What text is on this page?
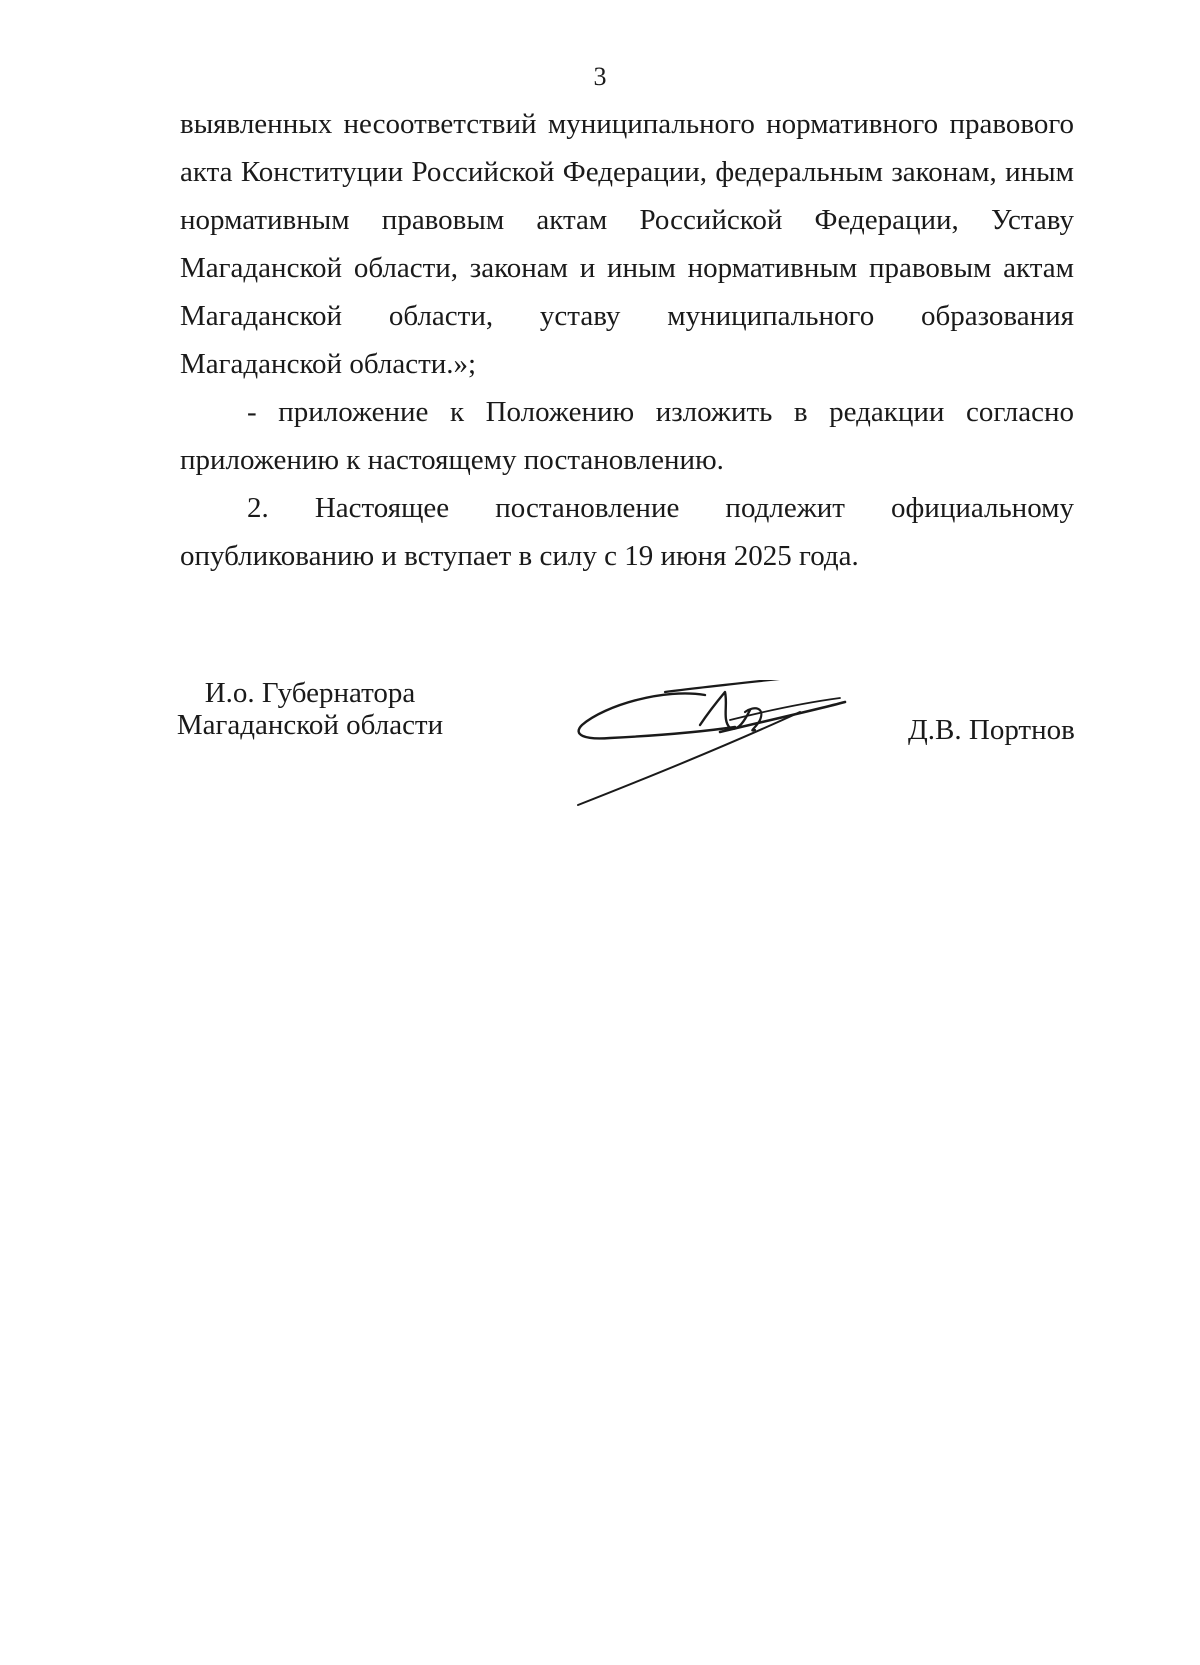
3

выявленных несоответствий муниципального нормативного правового акта Конституции Российской Федерации, федеральным законам, иным нормативным правовым актам Российской Федерации, Уставу Магаданской области, законам и иным нормативным правовым актам Магаданской области, уставу муниципального образования Магаданской области.»;

- приложение к Положению изложить в редакции согласно приложению к настоящему постановлению.

2. Настоящее постановление подлежит официальному опубликованию и вступает в силу с 19 июня 2025 года.

И.о. Губернатора
Магаданской области	Д.В. Портнов
